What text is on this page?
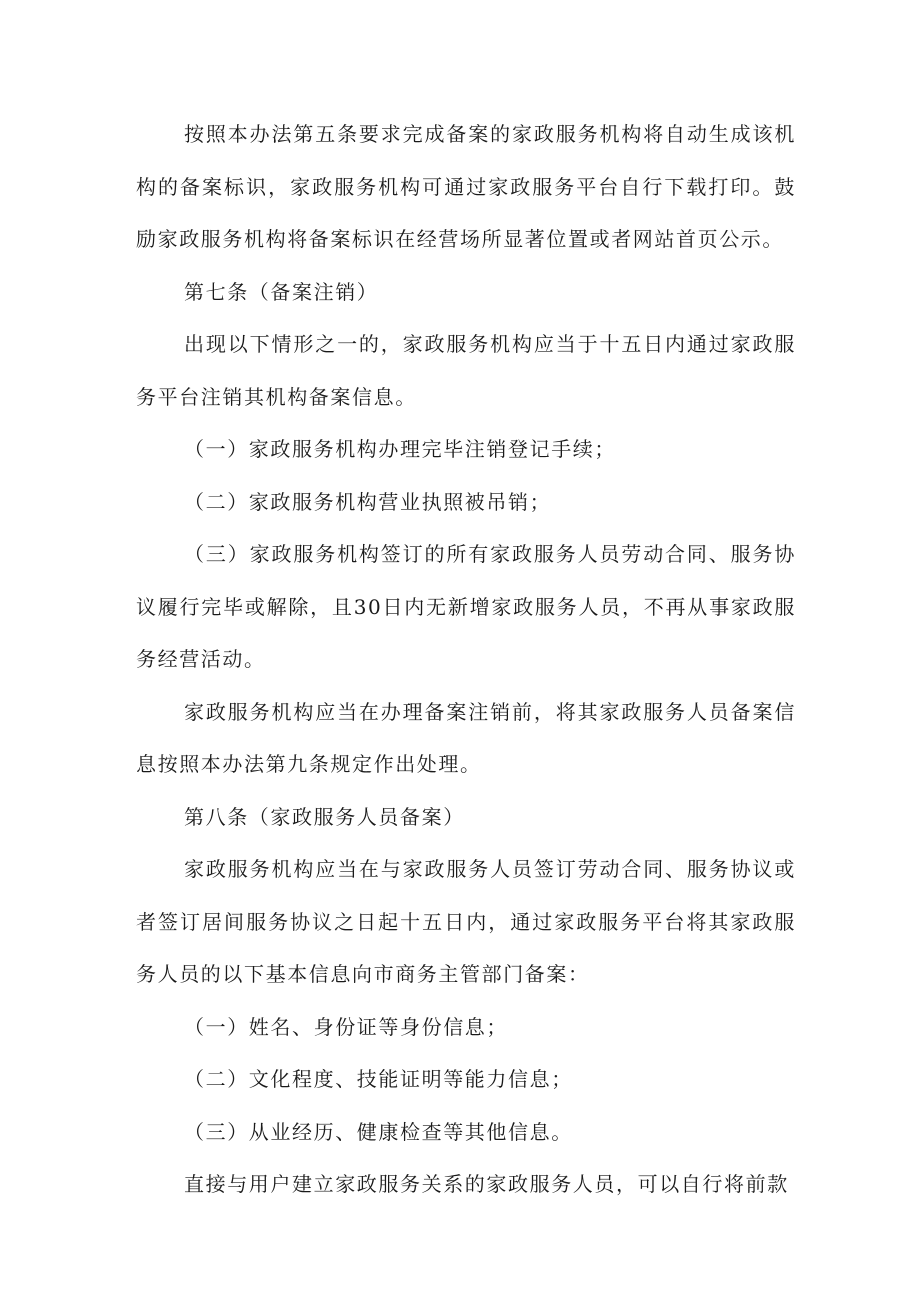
按照本办法第五条要求完成备案的家政服务机构将自动生成该机构的备案标识，家政服务机构可通过家政服务平台自行下载打印。鼓励家政服务机构将备案标识在经营场所显著位置或者网站首页公示。

第七条（备案注销）

出现以下情形之一的，家政服务机构应当于十五日内通过家政服务平台注销其机构备案信息。

（一）家政服务机构办理完毕注销登记手续；

（二）家政服务机构营业执照被吊销；

（三）家政服务机构签订的所有家政服务人员劳动合同、服务协议履行完毕或解除，且30日内无新增家政服务人员，不再从事家政服务经营活动。

家政服务机构应当在办理备案注销前，将其家政服务人员备案信息按照本办法第九条规定作出处理。

第八条（家政服务人员备案）

家政服务机构应当在与家政服务人员签订劳动合同、服务协议或者签订居间服务协议之日起十五日内，通过家政服务平台将其家政服务人员的以下基本信息向市商务主管部门备案：

（一）姓名、身份证等身份信息；

（二）文化程度、技能证明等能力信息；

（三）从业经历、健康检查等其他信息。

直接与用户建立家政服务关系的家政服务人员，可以自行将前款
